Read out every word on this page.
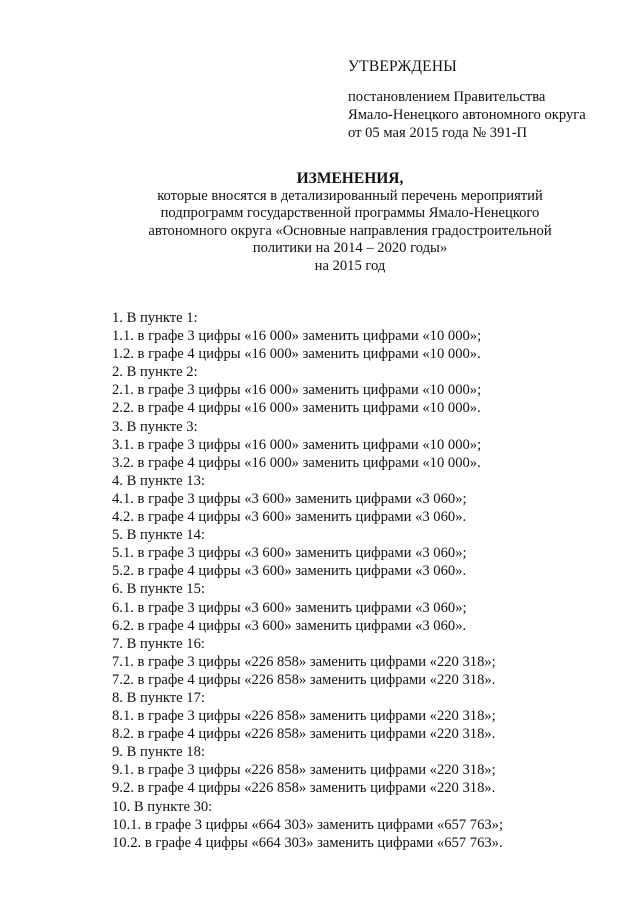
УТВЕРЖДЕНЫ
постановлением Правительства
Ямало-Ненецкого автономного округа
от 05 мая 2015 года № 391-П
ИЗМЕНЕНИЯ,
которые вносятся в детализированный перечень мероприятий
подпрограмм государственной программы Ямало-Ненецкого
автономного округа «Основные направления градостроительной
политики на 2014 – 2020 годы»
на 2015 год
1. В пункте 1:
1.1. в графе 3 цифры «16 000» заменить цифрами «10 000»;
1.2. в графе 4 цифры «16 000» заменить цифрами «10 000».
2. В пункте 2:
2.1. в графе 3 цифры «16 000» заменить цифрами «10 000»;
2.2. в графе 4 цифры «16 000» заменить цифрами «10 000».
3. В пункте 3:
3.1. в графе 3 цифры «16 000» заменить цифрами «10 000»;
3.2. в графе 4 цифры «16 000» заменить цифрами «10 000».
4. В пункте 13:
4.1. в графе 3 цифры «3 600» заменить цифрами «3 060»;
4.2. в графе 4 цифры «3 600» заменить цифрами «3 060».
5. В пункте 14:
5.1. в графе 3 цифры «3 600» заменить цифрами «3 060»;
5.2. в графе 4 цифры «3 600» заменить цифрами «3 060».
6. В пункте 15:
6.1. в графе 3 цифры «3 600» заменить цифрами «3 060»;
6.2. в графе 4 цифры «3 600» заменить цифрами «3 060».
7. В пункте 16:
7.1. в графе 3 цифры «226 858» заменить цифрами «220 318»;
7.2. в графе 4 цифры «226 858» заменить цифрами «220 318».
8. В пункте 17:
8.1. в графе 3 цифры «226 858» заменить цифрами «220 318»;
8.2. в графе 4 цифры «226 858» заменить цифрами «220 318».
9. В пункте 18:
9.1. в графе 3 цифры «226 858» заменить цифрами «220 318»;
9.2. в графе 4 цифры «226 858» заменить цифрами «220 318».
10. В пункте 30:
10.1. в графе 3 цифры «664 303» заменить цифрами «657 763»;
10.2. в графе 4 цифры «664 303» заменить цифрами «657 763».
